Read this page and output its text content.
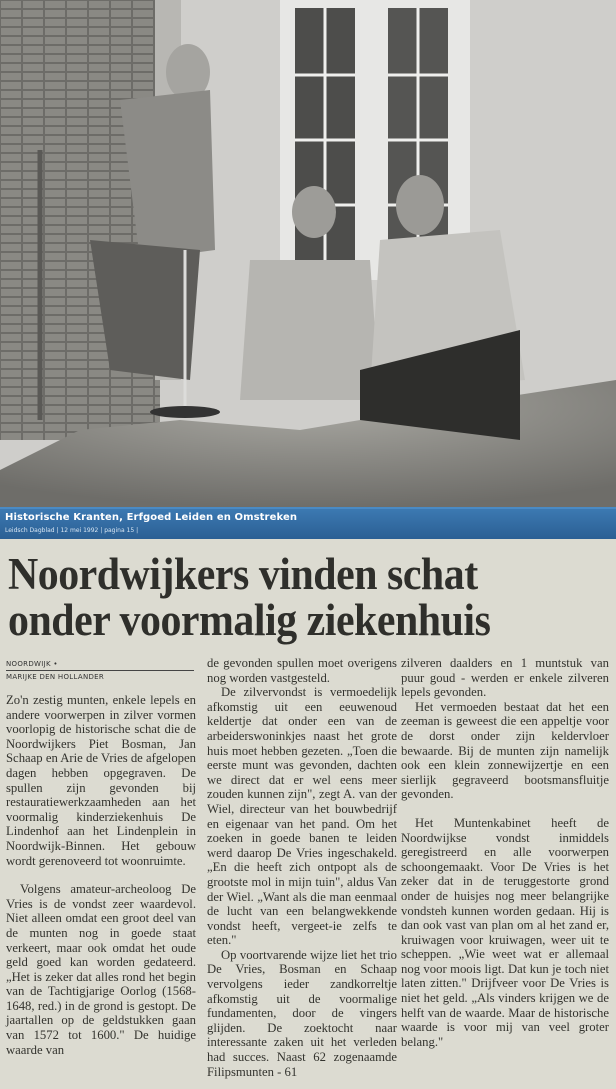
Historische Kranten, Erfgoed Leiden en Omstreken
Leidsch Dagblad | 12 mei 1992 | pagina 15 |
Noordwijkers vinden schat
onder voormalig ziekenhuis
NOORDWIJK •
MARIJKE DEN HOLLANDER

Zo'n zestig munten, enkele lepels en andere voorwerpen in zilver vormen voorlopig de historische schat die de Noordwijkers Piet Bosman, Jan Schaap en Arie de Vries de afgelopen dagen hebben opgegraven. De spullen zijn gevonden bij restauratiewerkzaamheden aan het voormalig kinderziekenhuis De Lindenhof aan het Lindenplein in Noordwijk-Binnen. Het gebouw wordt gerenoveerd tot woonruimte.

Volgens amateur-archeoloog De Vries is de vondst zeer waardevol. Niet alleen omdat een groot deel van de munten nog in goede staat verkeert, maar ook omdat het oude geld goed kan worden gedateerd. „Het is zeker dat alles rond het begin van de Tachtigjarige Oorlog (1568-1648, red.) in de grond is gestopt. De jaartallen op de geldstukken gaan van 1572 tot 1600." De huidige waarde van

de gevonden spullen moet overigens nog worden vastgesteld.

De zilvervondst is vermoedelijk afkomstig uit een eeuwenoud keldertje dat onder een van de arbeiderswoninkjes naast het grote huis moet hebben gezeten. „Toen die eerste munt was gevonden, dachten we direct dat er wel eens meer zouden kunnen zijn", zegt A. van der Wiel, directeur van het bouwbedrijf en eigenaar van het pand. Om het zoeken in goede banen te leiden werd daarop De Vries ingeschakeld. „En die heeft zich ontpopt als de grootste mol in mijn tuin", aldus Van der Wiel. „Want als die man eenmaal de lucht van een belangwekkende vondst heeft, vergeet-ie zelfs te eten."

Op voortvarende wijze liet het trio De Vries, Bosman en Schaap vervolgens ieder zandkorreltje afkomstig uit de voormalige fundamenten, door de vingers glijden. De zoektocht naar interessante zaken uit het verleden had succes. Naast 62 zogenaamde Filipsmunten - 61

zilveren daalders en 1 muntstuk van puur goud - werden er enkele zilveren lepels gevonden.

Het vermoeden bestaat dat het een zeeman is geweest die een appeltje voor de dorst onder zijn keldervloer bewaarde. Bij de munten zijn namelijk ook een klein zonnewijzertje en een sierlijk gegraveerd bootsmansfluitje gevonden.

Het Muntenkabinet heeft de Noordwijkse vondst inmiddels geregistreerd en alle voorwerpen schoongemaakt. Voor De Vries is het zeker dat in de teruggestorte grond onder de huisjes nog meer belangrijke vondsteh kunnen worden gedaan. Hij is dan ook vast van plan om al het zand er, kruiwagen voor kruiwagen, weer uit te scheppen. „Wie weet wat er allemaal nog voor moois ligt. Dat kun je toch niet laten zitten." Drijfveer voor De Vries is niet het geld. „Als vinders krijgen we de helft van de waarde. Maar de historische waarde is voor mij van veel groter belang."
